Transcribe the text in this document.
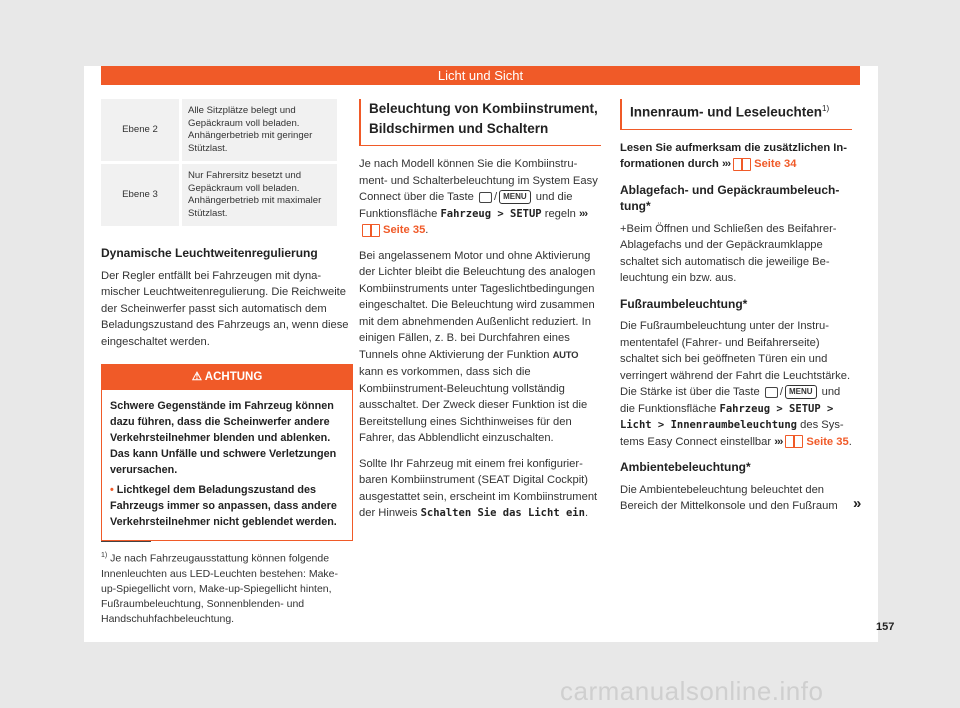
Licht und Sicht
Ebene 2	Alle Sitzplätze belegt und Gepäckraum voll beladen. Anhängerbetrieb mit geringer Stützlast.
Ebene 3	Nur Fahrersitz besetzt und Gepäckraum voll beladen. Anhängerbetrieb mit maximaler Stützlast.
Dynamische Leuchtweitenregulierung

Der Regler entfällt bei Fahrzeugen mit dynamischer Leuchtweitenregulierung. Die Reichweite der Scheinwerfer passt sich automatisch dem Beladungszustand des Fahrzeugs an, wenn diese eingeschaltet werden.

⚠ ACHTUNG
Schwere Gegenstände im Fahrzeug können dazu führen, dass die Scheinwerfer andere Verkehrsteilnehmer blenden und ablenken. Das kann Unfälle und schwere Verletzungen verursachen.
• Lichtkegel dem Beladungszustand des Fahrzeugs immer so anpassen, dass andere Verkehrsteilnehmer nicht geblendet werden.
Beleuchtung von Kombiinstrument, Bildschirmen und Schaltern

Je nach Modell können Sie die Kombiinstrument- und Schalterbeleuchtung im System Easy Connect über die Taste / MENU und die Funktionsfläche Fahrzeug > SETUP regeln ›››Seite 35.

Bei angelassenem Motor und ohne Aktivierung der Lichter bleibt die Beleuchtung des analogen Kombiinstruments unter Tageslichtbedingungen eingeschaltet. Die Beleuchtung wird zusammen mit dem abnehmenden Außenlicht reduziert. In einigen Fällen, z. B. bei Durchfahren eines Tunnels ohne Aktivierung der Funktion AUTO kann es vorkommen, dass sich die Kombiinstrument-Beleuchtung vollständig ausschaltet. Der Zweck dieser Funktion ist die Bereitstellung eines Sichthinweises für den Fahrer, das Abblendlicht einzuschalten.

Sollte Ihr Fahrzeug mit einem frei konfigurierbaren Kombiinstrument (SEAT Digital Cockpit) ausgestattet sein, erscheint im Kombiinstrument der Hinweis Schalten Sie das Licht ein.

Innenraum- und Leseleuchten$^{1)}$

Lesen Sie aufmerksam die zusätzlichen Informationen durch ››› Seite 34

Ablagefach- und Gepäckraumbeleuchtung*

+Beim Öffnen und Schließen des Beifahrer-Ablagefachs und der Gepäckraumklappe schaltet sich automatisch die jeweilige Beleuchtung ein bzw. aus.

Fußraumbeleuchtung*

Die Fußraumbeleuchtung unter der Instrumententafel (Fahrer- und Beifahrerseite) schaltet sich bei geöffneten Türen ein und verringert während der Fahrt die Leuchtstärke. Die Stärke ist über die Taste / MENU und die Funktionsfläche Fahrzeug > SETUP > Licht > Innenraumbeleuchtung des Systems Easy Connect einstellbar ››› Seite 35.

Ambientebeleuchtung*

Die Ambientebeleuchtung beleuchtet den Bereich der Mittelkonsole und den Fußraum	»
$^{1)}$ Je nach Fahrzeugausstattung können folgende Innenleuchten aus LED-Leuchten bestehen: Make-up-Spiegellicht vorn, Make-up-Spiegellicht hinten, Fußraumbeleuchtung, Sonnenblenden- und Handschuhfachbeleuchtung.
157
carmanualsonline.info
